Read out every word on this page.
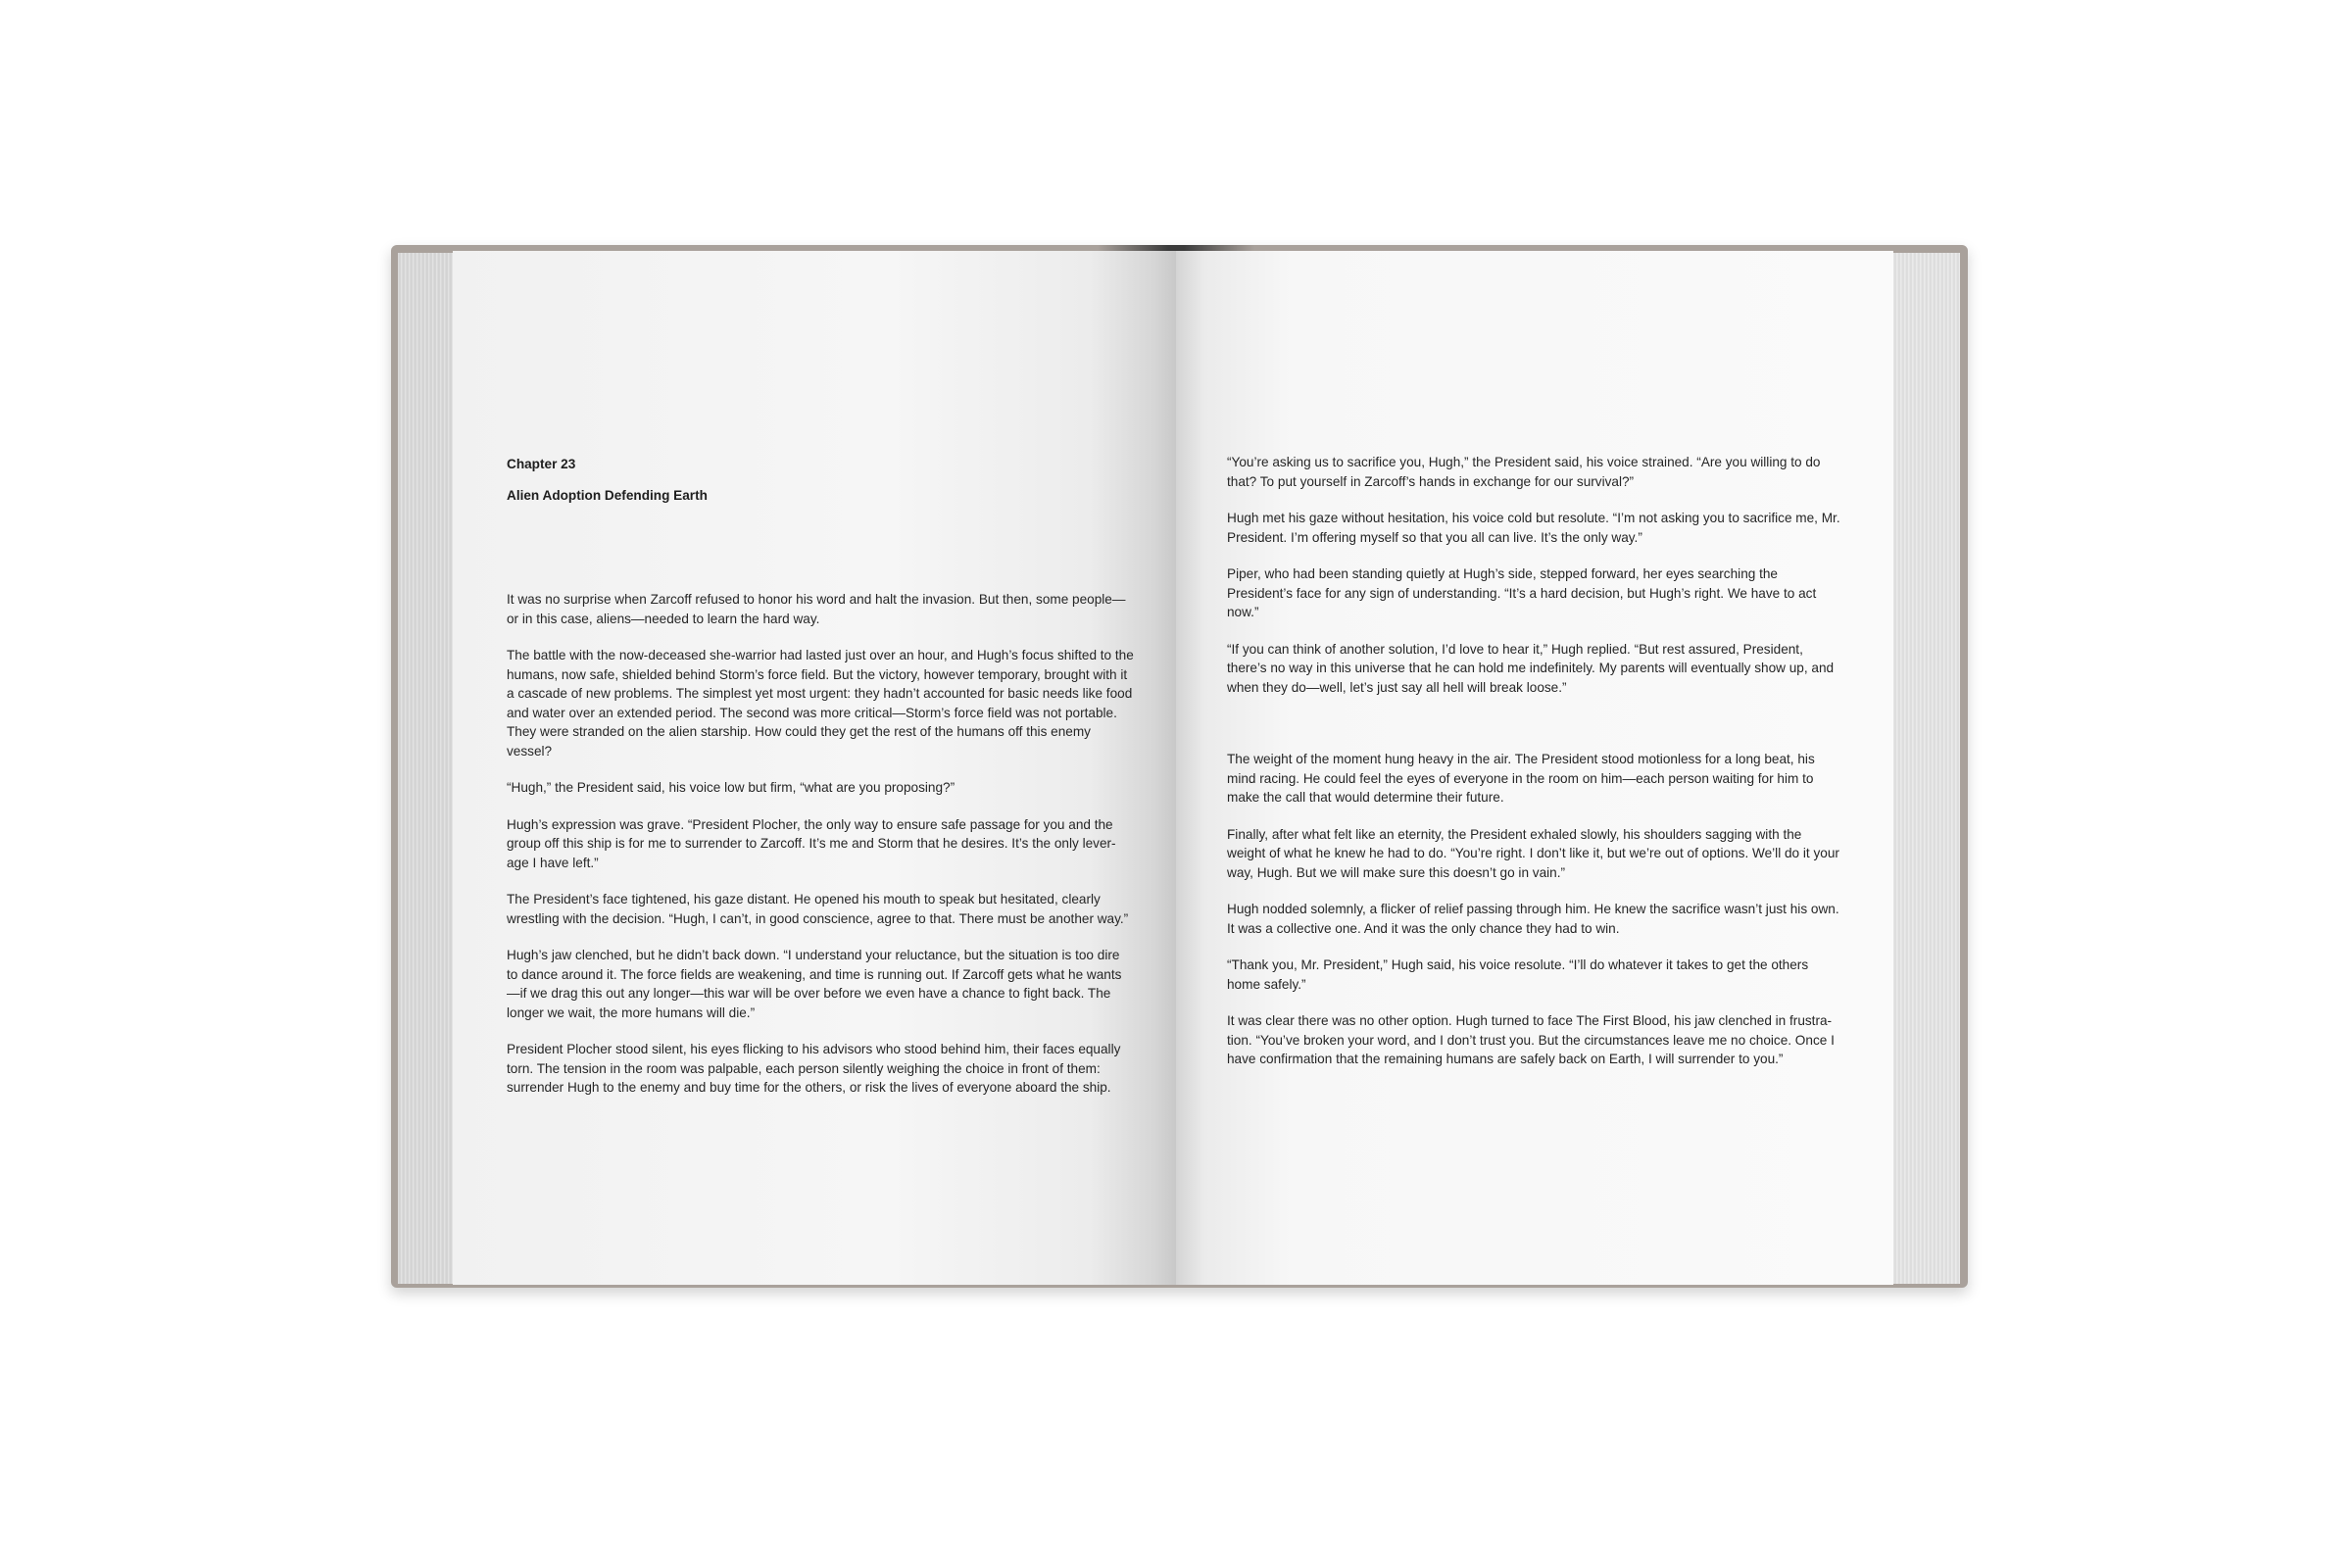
Chapter 23
Alien Adoption Defending Earth

It was no surprise when Zarcoff refused to honor his word and halt the invasion. But then, some people—or in this case, aliens—needed to learn the hard way.

The battle with the now-deceased she-warrior had lasted just over an hour, and Hugh’s focus shifted to the humans, now safe, shielded behind Storm’s force field. But the victory, however temporary, brought with it a cascade of new problems. The simplest yet most urgent: they hadn’t accounted for basic needs like food and water over an extended period. The second was more critical—Storm’s force field was not portable. They were stranded on the alien starship. How could they get the rest of the humans off this enemy vessel?

“Hugh,” the President said, his voice low but firm, “what are you proposing?”

Hugh’s expression was grave. “President Plocher, the only way to ensure safe passage for you and the group off this ship is for me to surrender to Zarcoff. It’s me and Storm that he desires. It’s the only lever-age I have left.”

The President’s face tightened, his gaze distant. He opened his mouth to speak but hesitated, clearly wrestling with the decision. “Hugh, I can’t, in good conscience, agree to that. There must be another way.”

Hugh’s jaw clenched, but he didn’t back down. “I understand your reluctance, but the situation is too dire to dance around it. The force fields are weakening, and time is running out. If Zarcoff gets what he wants—if we drag this out any longer—this war will be over before we even have a chance to fight back. The longer we wait, the more humans will die.”

President Plocher stood silent, his eyes flicking to his advisors who stood behind him, their faces equally torn. The tension in the room was palpable, each person silently weighing the choice in front of them: surrender Hugh to the enemy and buy time for the others, or risk the lives of everyone aboard the ship.

“You’re asking us to sacrifice you, Hugh,” the President said, his voice strained. “Are you willing to do that? To put yourself in Zarcoff’s hands in exchange for our survival?”

Hugh met his gaze without hesitation, his voice cold but resolute. “I’m not asking you to sacrifice me, Mr. President. I’m offering myself so that you all can live. It’s the only way.”

Piper, who had been standing quietly at Hugh’s side, stepped forward, her eyes searching the President’s face for any sign of understanding. “It’s a hard decision, but Hugh’s right. We have to act now.”

“If you can think of another solution, I’d love to hear it,” Hugh replied. “But rest assured, President, there’s no way in this universe that he can hold me indefinitely. My parents will eventually show up, and when they do—well, let’s just say all hell will break loose.”

The weight of the moment hung heavy in the air. The President stood motionless for a long beat, his mind racing. He could feel the eyes of everyone in the room on him—each person waiting for him to make the call that would determine their future.

Finally, after what felt like an eternity, the President exhaled slowly, his shoulders sagging with the weight of what he knew he had to do. “You’re right. I don’t like it, but we’re out of options. We’ll do it your way, Hugh. But we will make sure this doesn’t go in vain.”

Hugh nodded solemnly, a flicker of relief passing through him. He knew the sacrifice wasn’t just his own. It was a collective one. And it was the only chance they had to win.

“Thank you, Mr. President,” Hugh said, his voice resolute. “I’ll do whatever it takes to get the others home safely.”

It was clear there was no other option. Hugh turned to face The First Blood, his jaw clenched in frustra-tion. “You’ve broken your word, and I don’t trust you. But the circumstances leave me no choice. Once I have confirmation that the remaining humans are safely back on Earth, I will surrender to you.”
